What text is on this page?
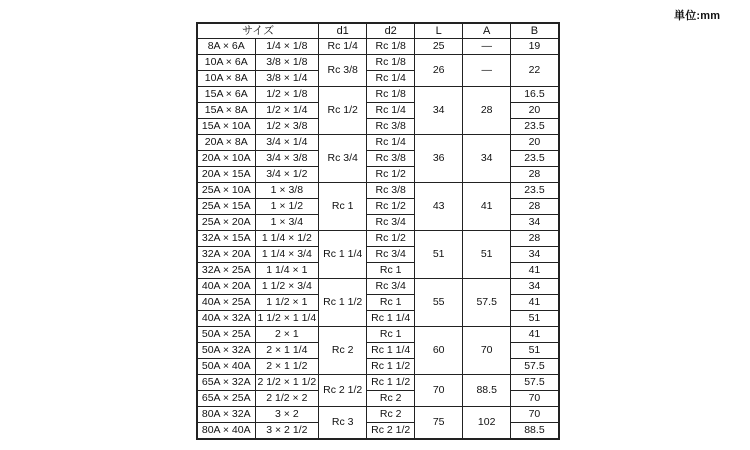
単位:mm
サイズ		d1	d2	L	A	B
8A × 6A	1/4 × 1/8	Rc 1/4	Rc 1/8	25	—	19
10A × 6A	3/8 × 1/8	Rc 3/8	Rc 1/8	26	—	22
10A × 8A	3/8 × 1/4		Rc 1/4			
15A × 6A	1/2 × 1/8	Rc 1/2	Rc 1/8	34	28	16.5
15A × 8A	1/2 × 1/4		Rc 1/4			20
15A × 10A	1/2 × 3/8		Rc 3/8			23.5
20A × 8A	3/4 × 1/4	Rc 3/4	Rc 1/4	36	34	20
20A × 10A	3/4 × 3/8		Rc 3/8			23.5
20A × 15A	3/4 × 1/2		Rc 1/2			28
25A × 10A	1 × 3/8	Rc 1	Rc 3/8	43	41	23.5
25A × 15A	1 × 1/2		Rc 1/2			28
25A × 20A	1 × 3/4		Rc 3/4			34
32A × 15A	1 1/4 × 1/2	Rc 1 1/4	Rc 1/2	51	51	28
32A × 20A	1 1/4 × 3/4		Rc 3/4			34
32A × 25A	1 1/4 × 1		Rc 1			41
40A × 20A	1 1/2 × 3/4	Rc 1 1/2	Rc 3/4	55	57.5	34
40A × 25A	1 1/2 × 1		Rc 1			41
40A × 32A	1 1/2 × 1 1/4		Rc 1 1/4			51
50A × 25A	2 × 1	Rc 2	Rc 1	60	70	41
50A × 32A	2 × 1 1/4		Rc 1 1/4			51
50A × 40A	2 × 1 1/2		Rc 1 1/2			57.5
65A × 32A	2 1/2 × 1 1/2	Rc 2 1/2	Rc 1 1/2	70	88.5	57.5
65A × 25A	2 1/2 × 2		Rc 2			70
80A × 32A	3 × 2	Rc 3	Rc 2	75	102	70
80A × 40A	3 × 2 1/2		Rc 2 1/2			88.5
